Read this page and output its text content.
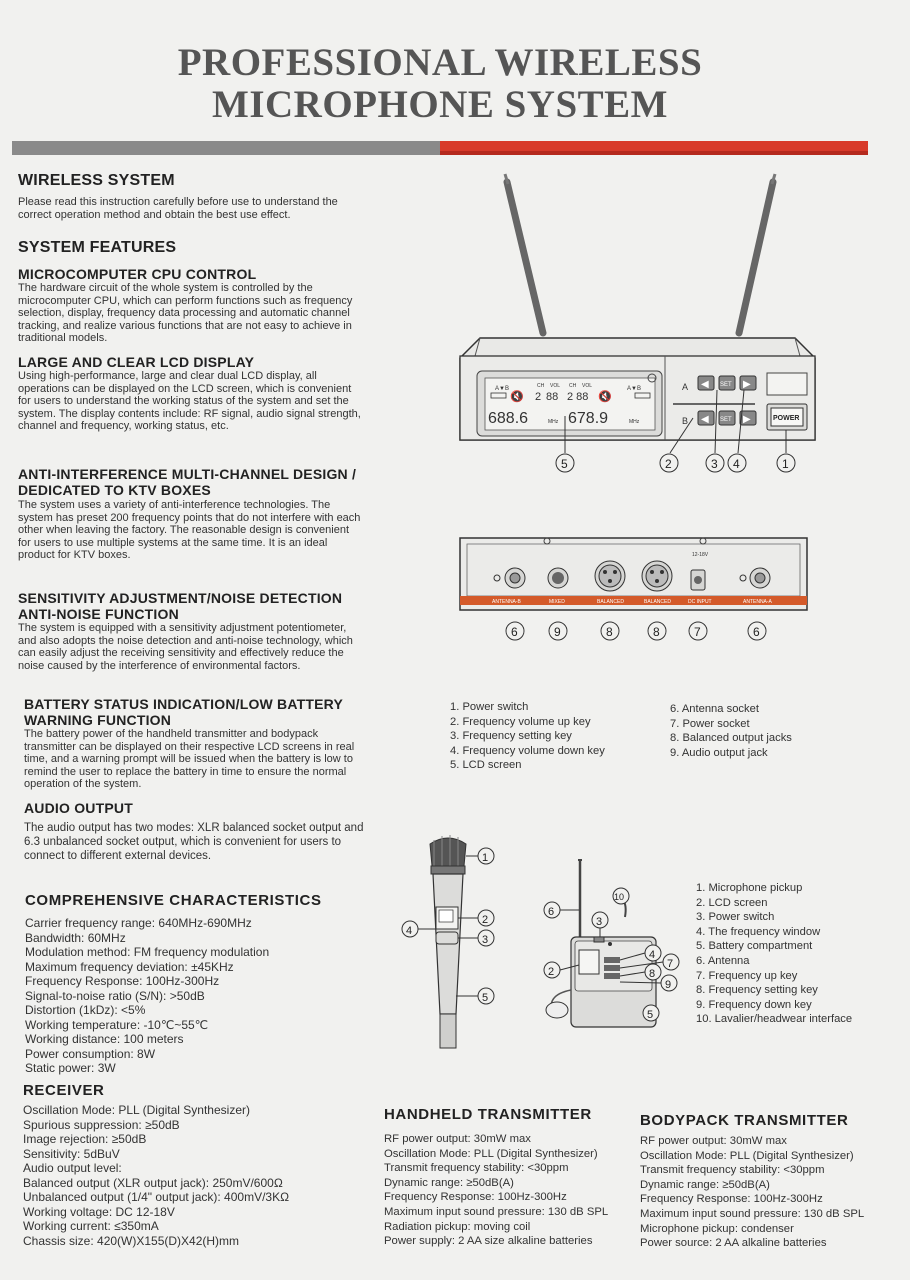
PROFESSIONAL WIRELESS
MICROPHONE SYSTEM
WIRELESS SYSTEM

Please read this instruction carefully before use to understand the correct operation method and obtain the best use effect.

SYSTEM FEATURES
MICROCOMPUTER CPU CONTROL

The hardware circuit of the whole system is controlled by the microcomputer CPU, which can perform functions such as frequency selection, display, frequency data processing and automatic channel tracking, and realize various functions that are not easy to achieve in traditional models.

LARGE AND CLEAR LCD DISPLAY

Using high-performance, large and clear dual LCD display, all operations can be displayed on the LCD screen, which is convenient for users to understand the working status of the system and set the system. The display contents include: RF signal, audio signal strength, channel and frequency, working status, etc.

ANTI-INTERFERENCE MULTI-CHANNEL DESIGN /
DEDICATED TO KTV BOXES

The system uses a variety of anti-interference technologies. The system has preset 200 frequency points that do not interfere with each other when leaving the factory. The reasonable design is convenient for users to use multiple systems at the same time. It is an ideal product for KTV boxes.

SENSITIVITY ADJUSTMENT/NOISE DETECTION
ANTI-NOISE FUNCTION

The system is equipped with a sensitivity adjustment potentiometer, and also adopts the noise detection and anti-noise technology, which can easily adjust the receiving sensitivity and effectively reduce the noise caused by the interference of environmental factors.

BATTERY STATUS INDICATION/LOW BATTERY
WARNING FUNCTION

The battery power of the handheld transmitter and bodypack transmitter can be displayed on their respective LCD screens in real time, and a warning prompt will be issued when the battery is low to remind the user to replace the battery in time to ensure the normal operation of the system.

AUDIO OUTPUT

The audio output has two modes: XLR balanced socket output and 6.3 unbalanced socket output, which is convenient for users to connect to different external devices.

COMPREHENSIVE CHARACTERISTICS
Carrier frequency range: 640MHz-690MHz
Bandwidth: 60MHz
Modulation method: FM frequency modulation
Maximum frequency deviation: ±45KHz
Frequency Response: 100Hz-300Hz
Signal-to-noise ratio (S/N): >50dB
Distortion (1kDz): <5%
Working temperature: -10℃~55℃
Working distance: 100 meters
Power consumption: 8W
Static power: 3W
RECEIVER
Oscillation Mode: PLL (Digital Synthesizer)
Spurious suppression: ≥50dB
Image rejection: ≥50dB
Sensitivity: 5dBuV
Audio output level:
Balanced output (XLR output jack): 250mV/600Ω
Unbalanced output (1/4" output jack): 400mV/3KΩ
Working voltage: DC 12-18V
Working current: ≤350mA
Chassis size: 420(W)X155(D)X42(H)mm
A▼B
🔇
CH VOL
2 88
688.6	MHz
CH VOL
2 88 🔇
A▼B
678.9	MHz
A
B
◀ SET ▶
◀ SET ▶	POWER
5	2	3 4	1
12-18V
ANTENNA-B	MIXED	BALANCED	BALANCED	DC INPUT	ANTENNA-A
6	9	8	8	7	6
1. Power switch
2. Frequency volume up key
3. Frequency setting key
4. Frequency volume down key
5. LCD screen
6. Antenna socket
7. Power socket
8. Balanced output jacks
9. Audio output jack
1
2
3
4
5
6
3
10
2
4
7
8
9
5
1. Microphone pickup
2. LCD screen
3. Power switch
4. The frequency window
5. Battery compartment
6. Antenna
7. Frequency up key
8. Frequency setting key
9. Frequency down key
10. Lavalier/headwear interface
HANDHELD TRANSMITTER
RF power output: 30mW max
Oscillation Mode: PLL (Digital Synthesizer)
Transmit frequency stability: <30ppm
Dynamic range: ≥50dB(A)
Frequency Response: 100Hz-300Hz
Maximum input sound pressure: 130 dB SPL
Radiation pickup: moving coil
Power supply: 2 AA size alkaline batteries
BODYPACK TRANSMITTER
RF power output: 30mW max
Oscillation Mode: PLL (Digital Synthesizer)
Transmit frequency stability: <30ppm
Dynamic range: ≥50dB(A)
Frequency Response: 100Hz-300Hz
Maximum input sound pressure: 130 dB SPL
Microphone pickup: condenser
Power source: 2 AA alkaline batteries
